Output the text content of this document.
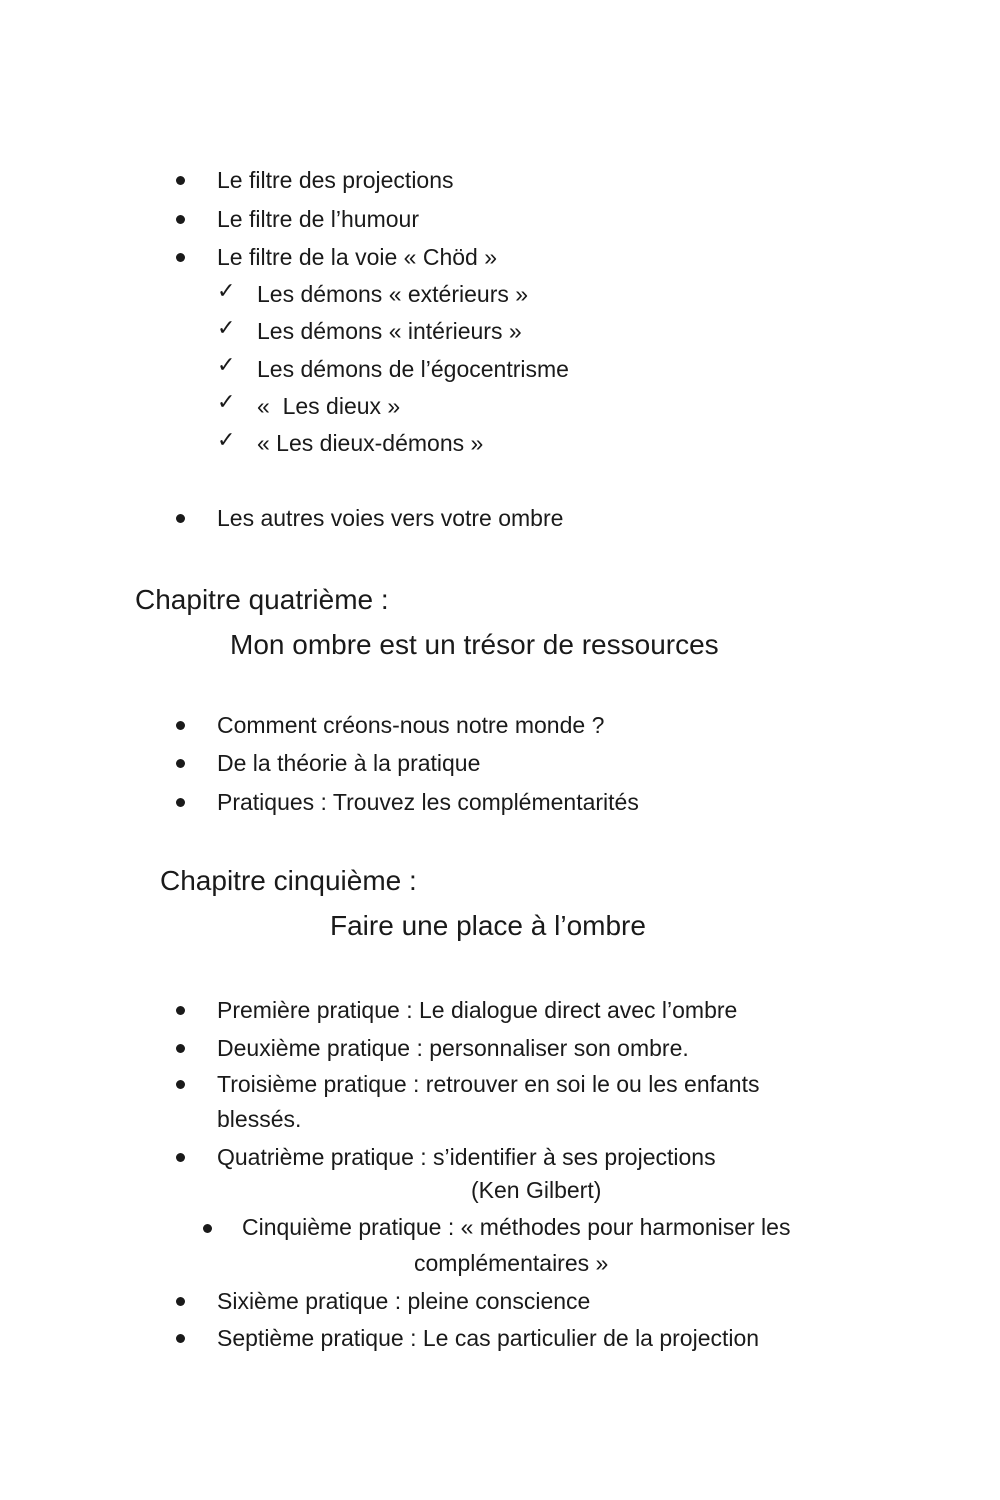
Le filtre des projections
Le filtre de l’humour
Le filtre de la voie « Chöd »
✓ Les démons « extérieurs »
✓ Les démons « intérieurs »
✓ Les démons de l’égocentrisme
✓ «  Les dieux »
✓ « Les dieux-démons »
Les autres voies vers votre ombre
Chapitre quatrième :
Mon ombre est un trésor de ressources
Comment créons-nous notre monde ?
De la théorie à la pratique
Pratiques : Trouvez les complémentarités
Chapitre cinquième :
Faire une place à l’ombre
Première pratique : Le dialogue direct avec l’ombre
Deuxième pratique : personnaliser son ombre.
Troisième pratique : retrouver en soi le ou les enfants
blessés.
Quatrième pratique : s’identifier à ses projections
(Ken Gilbert)
Cinquième pratique : « méthodes pour harmoniser les
complémentaires »
Sixième pratique : pleine conscience
Septième pratique : Le cas particulier de la projection
